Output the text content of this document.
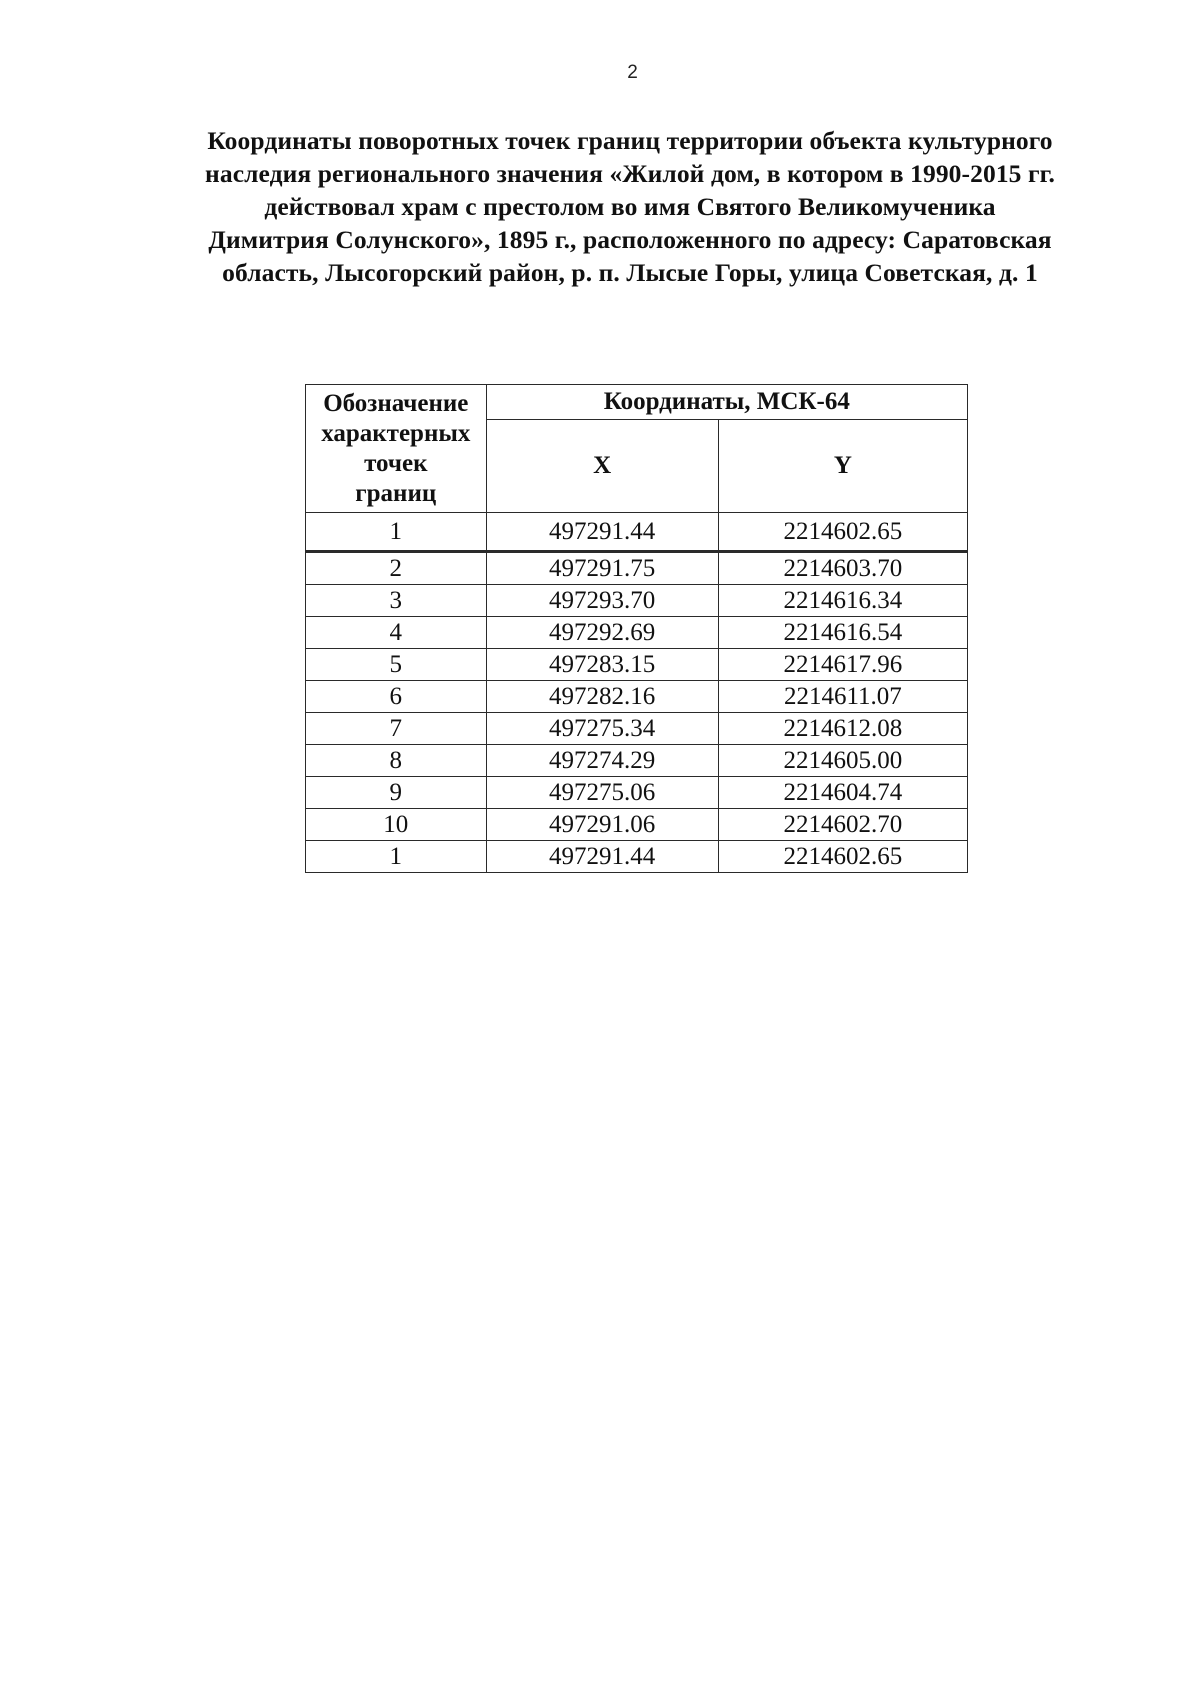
2
Координаты поворотных точек границ территории объекта культурного
наследия регионального значения «Жилой дом, в котором в 1990-2015 гг.
действовал храм с престолом во имя Святого Великомученика
Димитрия Солунского», 1895 г., расположенного по адресу: Саратовская
область, Лысогорский район, р. п. Лысые Горы, улица Советская, д. 1
Обозначение
характерных
точек
границ	Координаты, МСК-64	
	X	Y
1	497291.44	2214602.65
2	497291.75	2214603.70
3	497293.70	2214616.34
4	497292.69	2214616.54
5	497283.15	2214617.96
6	497282.16	2214611.07
7	497275.34	2214612.08
8	497274.29	2214605.00
9	497275.06	2214604.74
10	497291.06	2214602.70
1	497291.44	2214602.65
